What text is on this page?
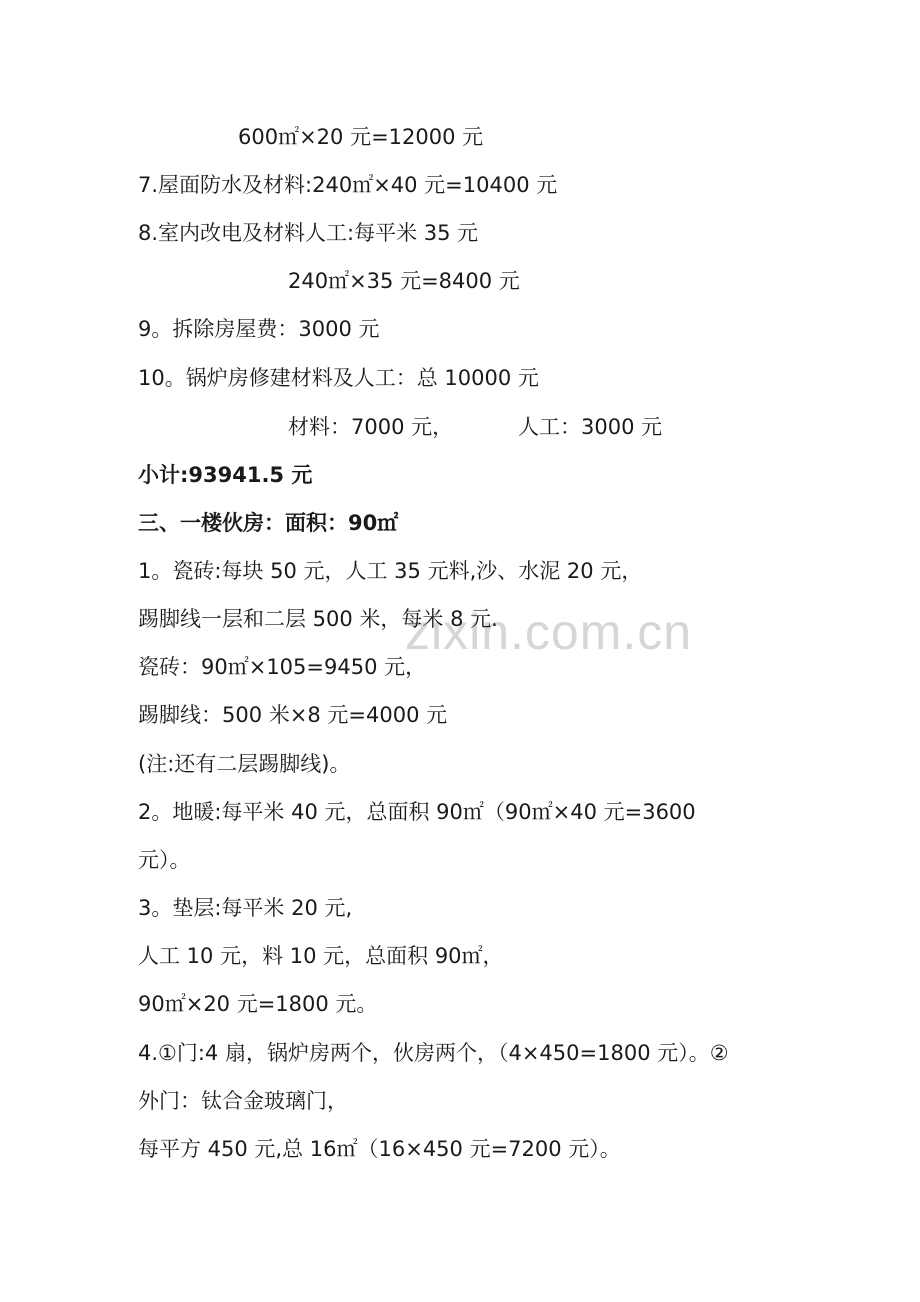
zixin.com.cn
600㎡×20 元=12000 元
7.屋面防水及材料:240㎡×40 元=10400 元
8.室内改电及材料人工:每平米 35 元
240㎡×35 元=8400 元
9。拆除房屋费：3000 元
10。锅炉房修建材料及人工：总 10000 元
材料：7000 元，	人工：3000 元
小计:93941.5 元
三、一楼伙房：面积：90㎡
1。瓷砖:每块 50 元，人工 35 元料,沙、水泥 20 元，
踢脚线一层和二层 500 米，每米 8 元.
瓷砖：90㎡×105=9450 元，
踢脚线：500 米×8 元=4000 元
(注:还有二层踢脚线)。
2。地暖:每平米 40 元，总面积 90㎡（90㎡×40 元=3600
元）。
3。垫层:每平米 20 元,
人工 10 元，料 10 元，总面积 90㎡，
90㎡×20 元=1800 元。
4.①门:4 扇，锅炉房两个，伙房两个，（4×450=1800 元）。②
外门：钛合金玻璃门，
每平方 450 元,总 16㎡（16×450 元=7200 元）。
